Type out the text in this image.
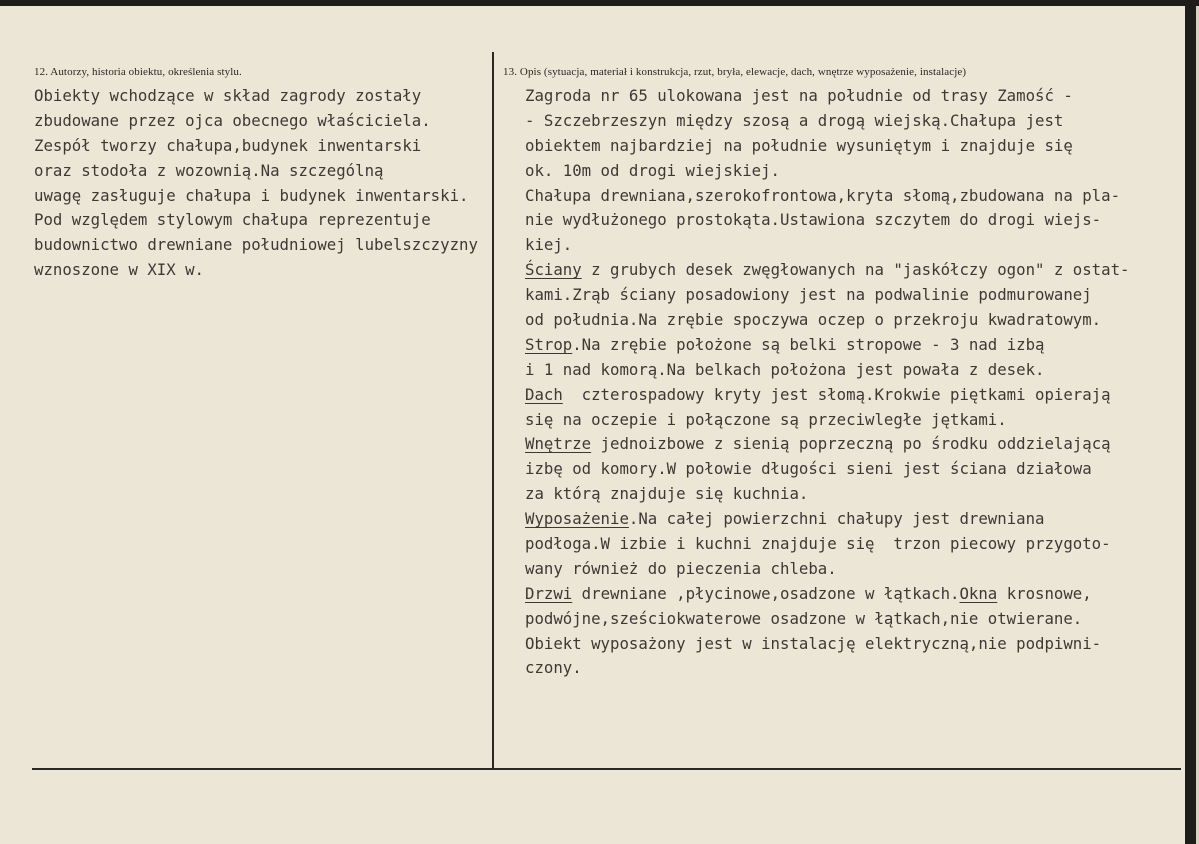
12. Autorzy, historia obiektu, określenia stylu.	13. Opis (sytuacja, materiał i konstrukcja, rzut, bryła, elewacje, dach, wnętrze wyposażenie, instalacje)
Obiekty wchodzące w skład zagrody zostały
zbudowane przez ojca obecnego właściciela.
Zespół tworzy chałupa,budynek inwentarski
oraz stodoła z wozownią.Na szczególną
uwagę zasługuje chałupa i budynek inwentarski.
Pod względem stylowym chałupa reprezentuje
budownictwo drewniane południowej lubelszczyzny
wznoszone w XIX w.
Zagroda nr 65 ulokowana jest na południe od trasy Zamość -
- Szczebrzeszyn między szosą a drogą wiejską.Chałupa jest
obiektem najbardziej na południe wysuniętym i znajduje się
ok. 10m od drogi wiejskiej.
Chałupa drewniana,szerokofrontowa,kryta słomą,zbudowana na pla-
nie wydłużonego prostokąta.Ustawiona szczytem do drogi wiejs-
kiej.
Ściany z grubych desek zwęgłowanych na "jaskółczy ogon" z ostat-
kami.Zrąb ściany posadowiony jest na podwalinie podmurowanej
od południa.Na zrębie spoczywa oczep o przekroju kwadratowym.
Strop.Na zrębie położone są belki stropowe - 3 nad izbą
i 1 nad komorą.Na belkach położona jest powała z desek.
Dach  czterospadowy kryty jest słomą.Krokwie piętkami opierają
się na oczepie i połączone są przeciwległe jętkami.
Wnętrze jednoizbowe z sienią poprzeczną po środku oddzielającą
izbę od komory.W połowie długości sieni jest ściana działowa
za którą znajduje się kuchnia.
Wyposażenie.Na całej powierzchni chałupy jest drewniana
podłoga.W izbie i kuchni znajduje się  trzon piecowy przygoto-
wany również do pieczenia chleba.
Drzwi drewniane ,płycinowe,osadzone w łątkach.Okna krosnowe,
podwójne,sześciokwaterowe osadzone w łątkach,nie otwierane.
Obiekt wyposażony jest w instalację elektryczną,nie podpiwni-
czony.
